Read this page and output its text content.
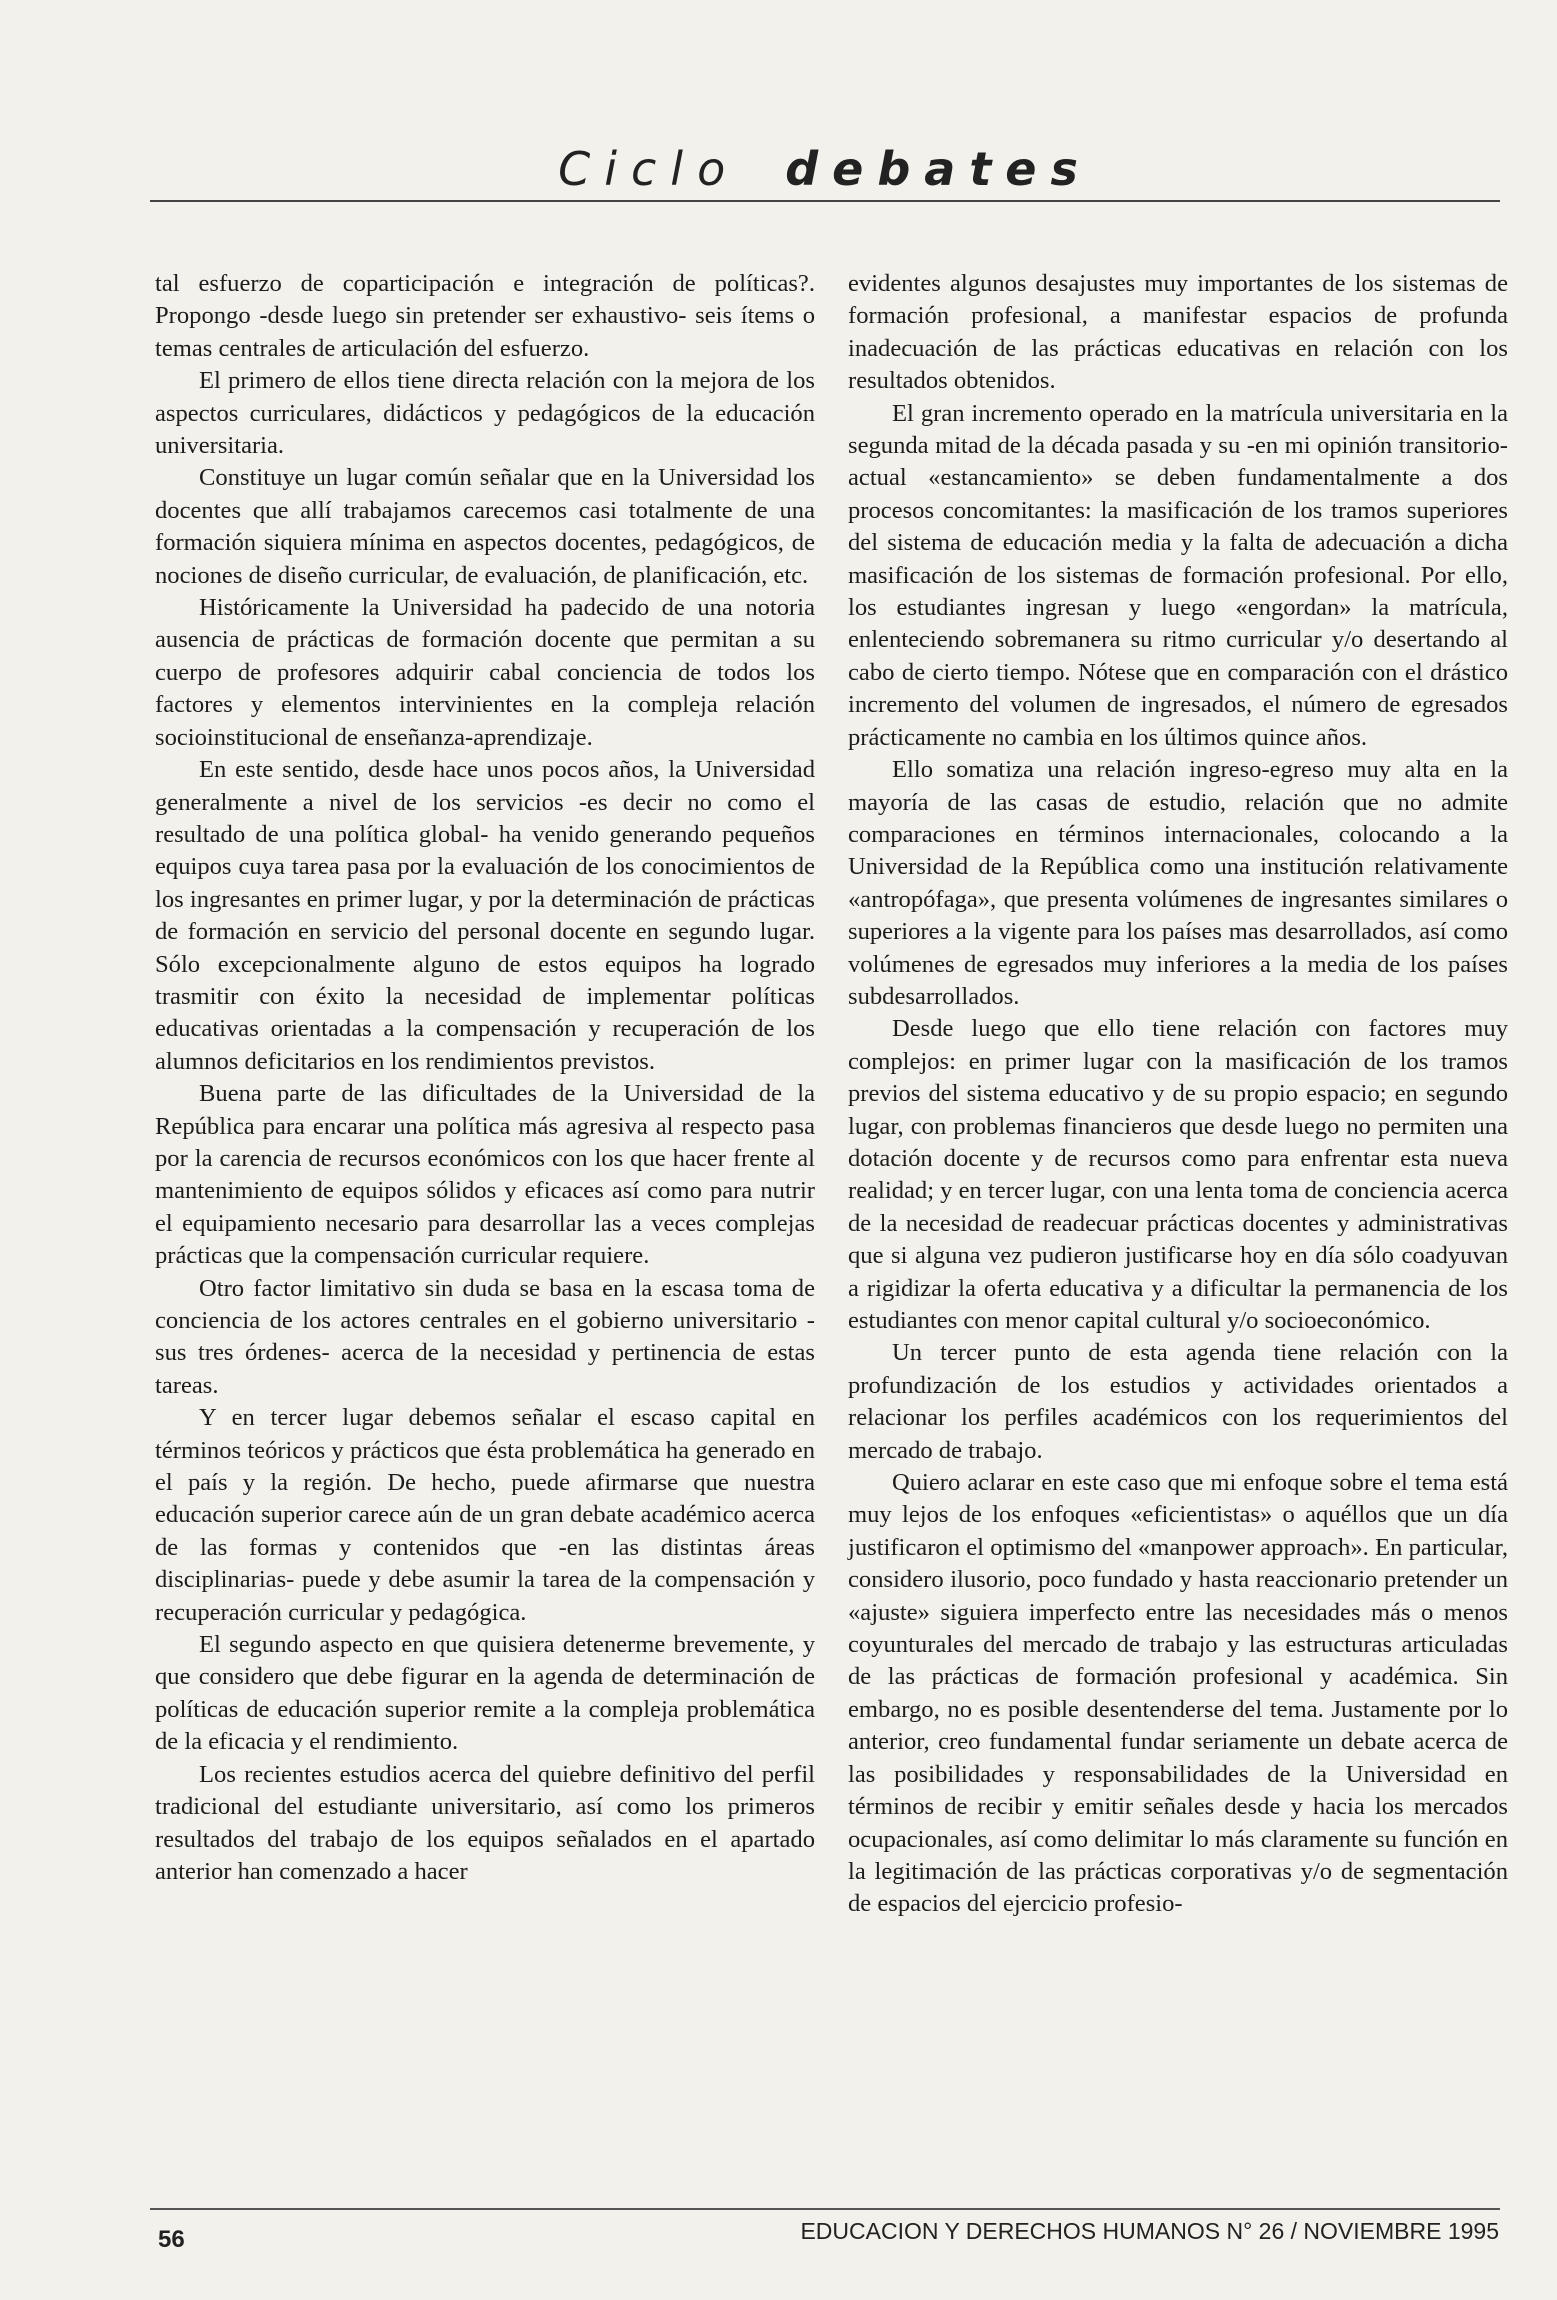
Ciclo debates

tal esfuerzo de coparticipación e integración de políticas?. Propongo -desde luego sin pretender ser exhaustivo- seis ítems o temas centrales de articulación del esfuerzo.

El primero de ellos tiene directa relación con la mejora de los aspectos curriculares, didácticos y pedagógicos de la educación universitaria.

Constituye un lugar común señalar que en la Universidad los docentes que allí trabajamos carecemos casi totalmente de una formación siquiera mínima en aspectos docentes, pedagógicos, de nociones de diseño curricular, de evaluación, de planificación, etc.

Históricamente la Universidad ha padecido de una notoria ausencia de prácticas de formación docente que permitan a su cuerpo de profesores adquirir cabal conciencia de todos los factores y elementos intervinientes en la compleja relación socioinstitucional de enseñanza-aprendizaje.

En este sentido, desde hace unos pocos años, la Universidad generalmente a nivel de los servicios -es decir no como el resultado de una política global- ha venido generando pequeños equipos cuya tarea pasa por la evaluación de los conocimientos de los ingresantes en primer lugar, y por la determinación de prácticas de formación en servicio del personal docente en segundo lugar. Sólo excepcionalmente alguno de estos equipos ha logrado trasmitir con éxito la necesidad de implementar políticas educativas orientadas a la compensación y recuperación de los alumnos deficitarios en los rendimientos previstos.

Buena parte de las dificultades de la Universidad de la República para encarar una política más agresiva al respecto pasa por la carencia de recursos económicos con los que hacer frente al mantenimiento de equipos sólidos y eficaces así como para nutrir el equipamiento necesario para desarrollar las a veces complejas prácticas que la compensación curricular requiere.

Otro factor limitativo sin duda se basa en la escasa toma de conciencia de los actores centrales en el gobierno universitario -sus tres órdenes- acerca de la necesidad y pertinencia de estas tareas.

Y en tercer lugar debemos señalar el escaso capital en términos teóricos y prácticos que ésta problemática ha generado en el país y la región. De hecho, puede afirmarse que nuestra educación superior carece aún de un gran debate académico acerca de las formas y contenidos que -en las distintas áreas disciplinarias- puede y debe asumir la tarea de la compensación y recuperación curricular y pedagógica.

El segundo aspecto en que quisiera detenerme brevemente, y que considero que debe figurar en la agenda de determinación de políticas de educación superior remite a la compleja problemática de la eficacia y el rendimiento.

Los recientes estudios acerca del quiebre definitivo del perfil tradicional del estudiante universitario, así como los primeros resultados del trabajo de los equipos señalados en el apartado anterior han comenzado a hacer

evidentes algunos desajustes muy importantes de los sistemas de formación profesional, a manifestar espacios de profunda inadecuación de las prácticas educativas en relación con los resultados obtenidos.

El gran incremento operado en la matrícula universitaria en la segunda mitad de la década pasada y su -en mi opinión transitorio- actual «estancamiento» se deben fundamentalmente a dos procesos concomitantes: la masificación de los tramos superiores del sistema de educación media y la falta de adecuación a dicha masificación de los sistemas de formación profesional. Por ello, los estudiantes ingresan y luego «engordan» la matrícula, enlenteciendo sobremanera su ritmo curricular y/o desertando al cabo de cierto tiempo. Nótese que en comparación con el drástico incremento del volumen de ingresados, el número de egresados prácticamente no cambia en los últimos quince años.

Ello somatiza una relación ingreso-egreso muy alta en la mayoría de las casas de estudio, relación que no admite comparaciones en términos internacionales, colocando a la Universidad de la República como una institución relativamente «antropófaga», que presenta volúmenes de ingresantes similares o superiores a la vigente para los países mas desarrollados, así como volúmenes de egresados muy inferiores a la media de los países subdesarrollados.

Desde luego que ello tiene relación con factores muy complejos: en primer lugar con la masificación de los tramos previos del sistema educativo y de su propio espacio; en segundo lugar, con problemas financieros que desde luego no permiten una dotación docente y de recursos como para enfrentar esta nueva realidad; y en tercer lugar, con una lenta toma de conciencia acerca de la necesidad de readecuar prácticas docentes y administrativas que si alguna vez pudieron justificarse hoy en día sólo coadyuvan a rigidizar la oferta educativa y a dificultar la permanencia de los estudiantes con menor capital cultural y/o socioeconómico.

Un tercer punto de esta agenda tiene relación con la profundización de los estudios y actividades orientados a relacionar los perfiles académicos con los requerimientos del mercado de trabajo.

Quiero aclarar en este caso que mi enfoque sobre el tema está muy lejos de los enfoques «eficientistas» o aquéllos que un día justificaron el optimismo del «manpower approach». En particular, considero ilusorio, poco fundado y hasta reaccionario pretender un «ajuste» siguiera imperfecto entre las necesidades más o menos coyunturales del mercado de trabajo y las estructuras articuladas de las prácticas de formación profesional y académica. Sin embargo, no es posible desentenderse del tema. Justamente por lo anterior, creo fundamental fundar seriamente un debate acerca de las posibilidades y responsabilidades de la Universidad en términos de recibir y emitir señales desde y hacia los mercados ocupacionales, así como delimitar lo más claramente su función en la legitimación de las prácticas corporativas y/o de segmentación de espacios del ejercicio profesio-

56	EDUCACION Y DERECHOS HUMANOS N° 26 / NOVIEMBRE 1995
